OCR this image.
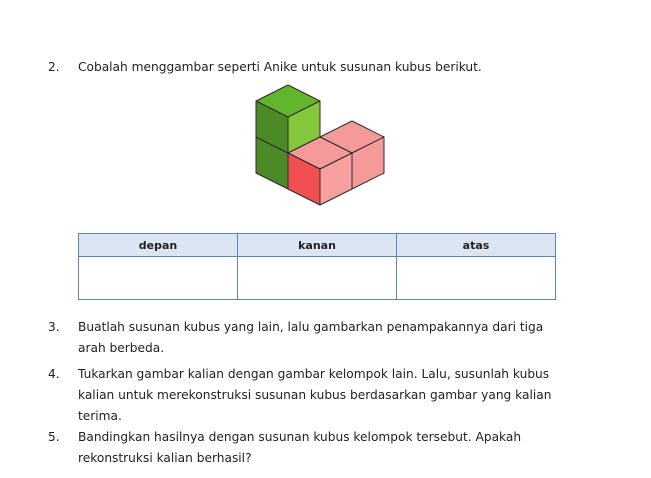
2. Cobalah menggambar seperti Anike untuk susunan kubus berikut.
depan	kanan	atas

3. Buatlah susunan kubus yang lain, lalu gambarkan penampakannya dari tiga arah berbeda.
4. Tukarkan gambar kalian dengan gambar kelompok lain. Lalu, susunlah kubus kalian untuk merekonstruksi susunan kubus berdasarkan gambar yang kalian terima.
5. Bandingkan hasilnya dengan susunan kubus kelompok tersebut. Apakah rekonstruksi kalian berhasil?
